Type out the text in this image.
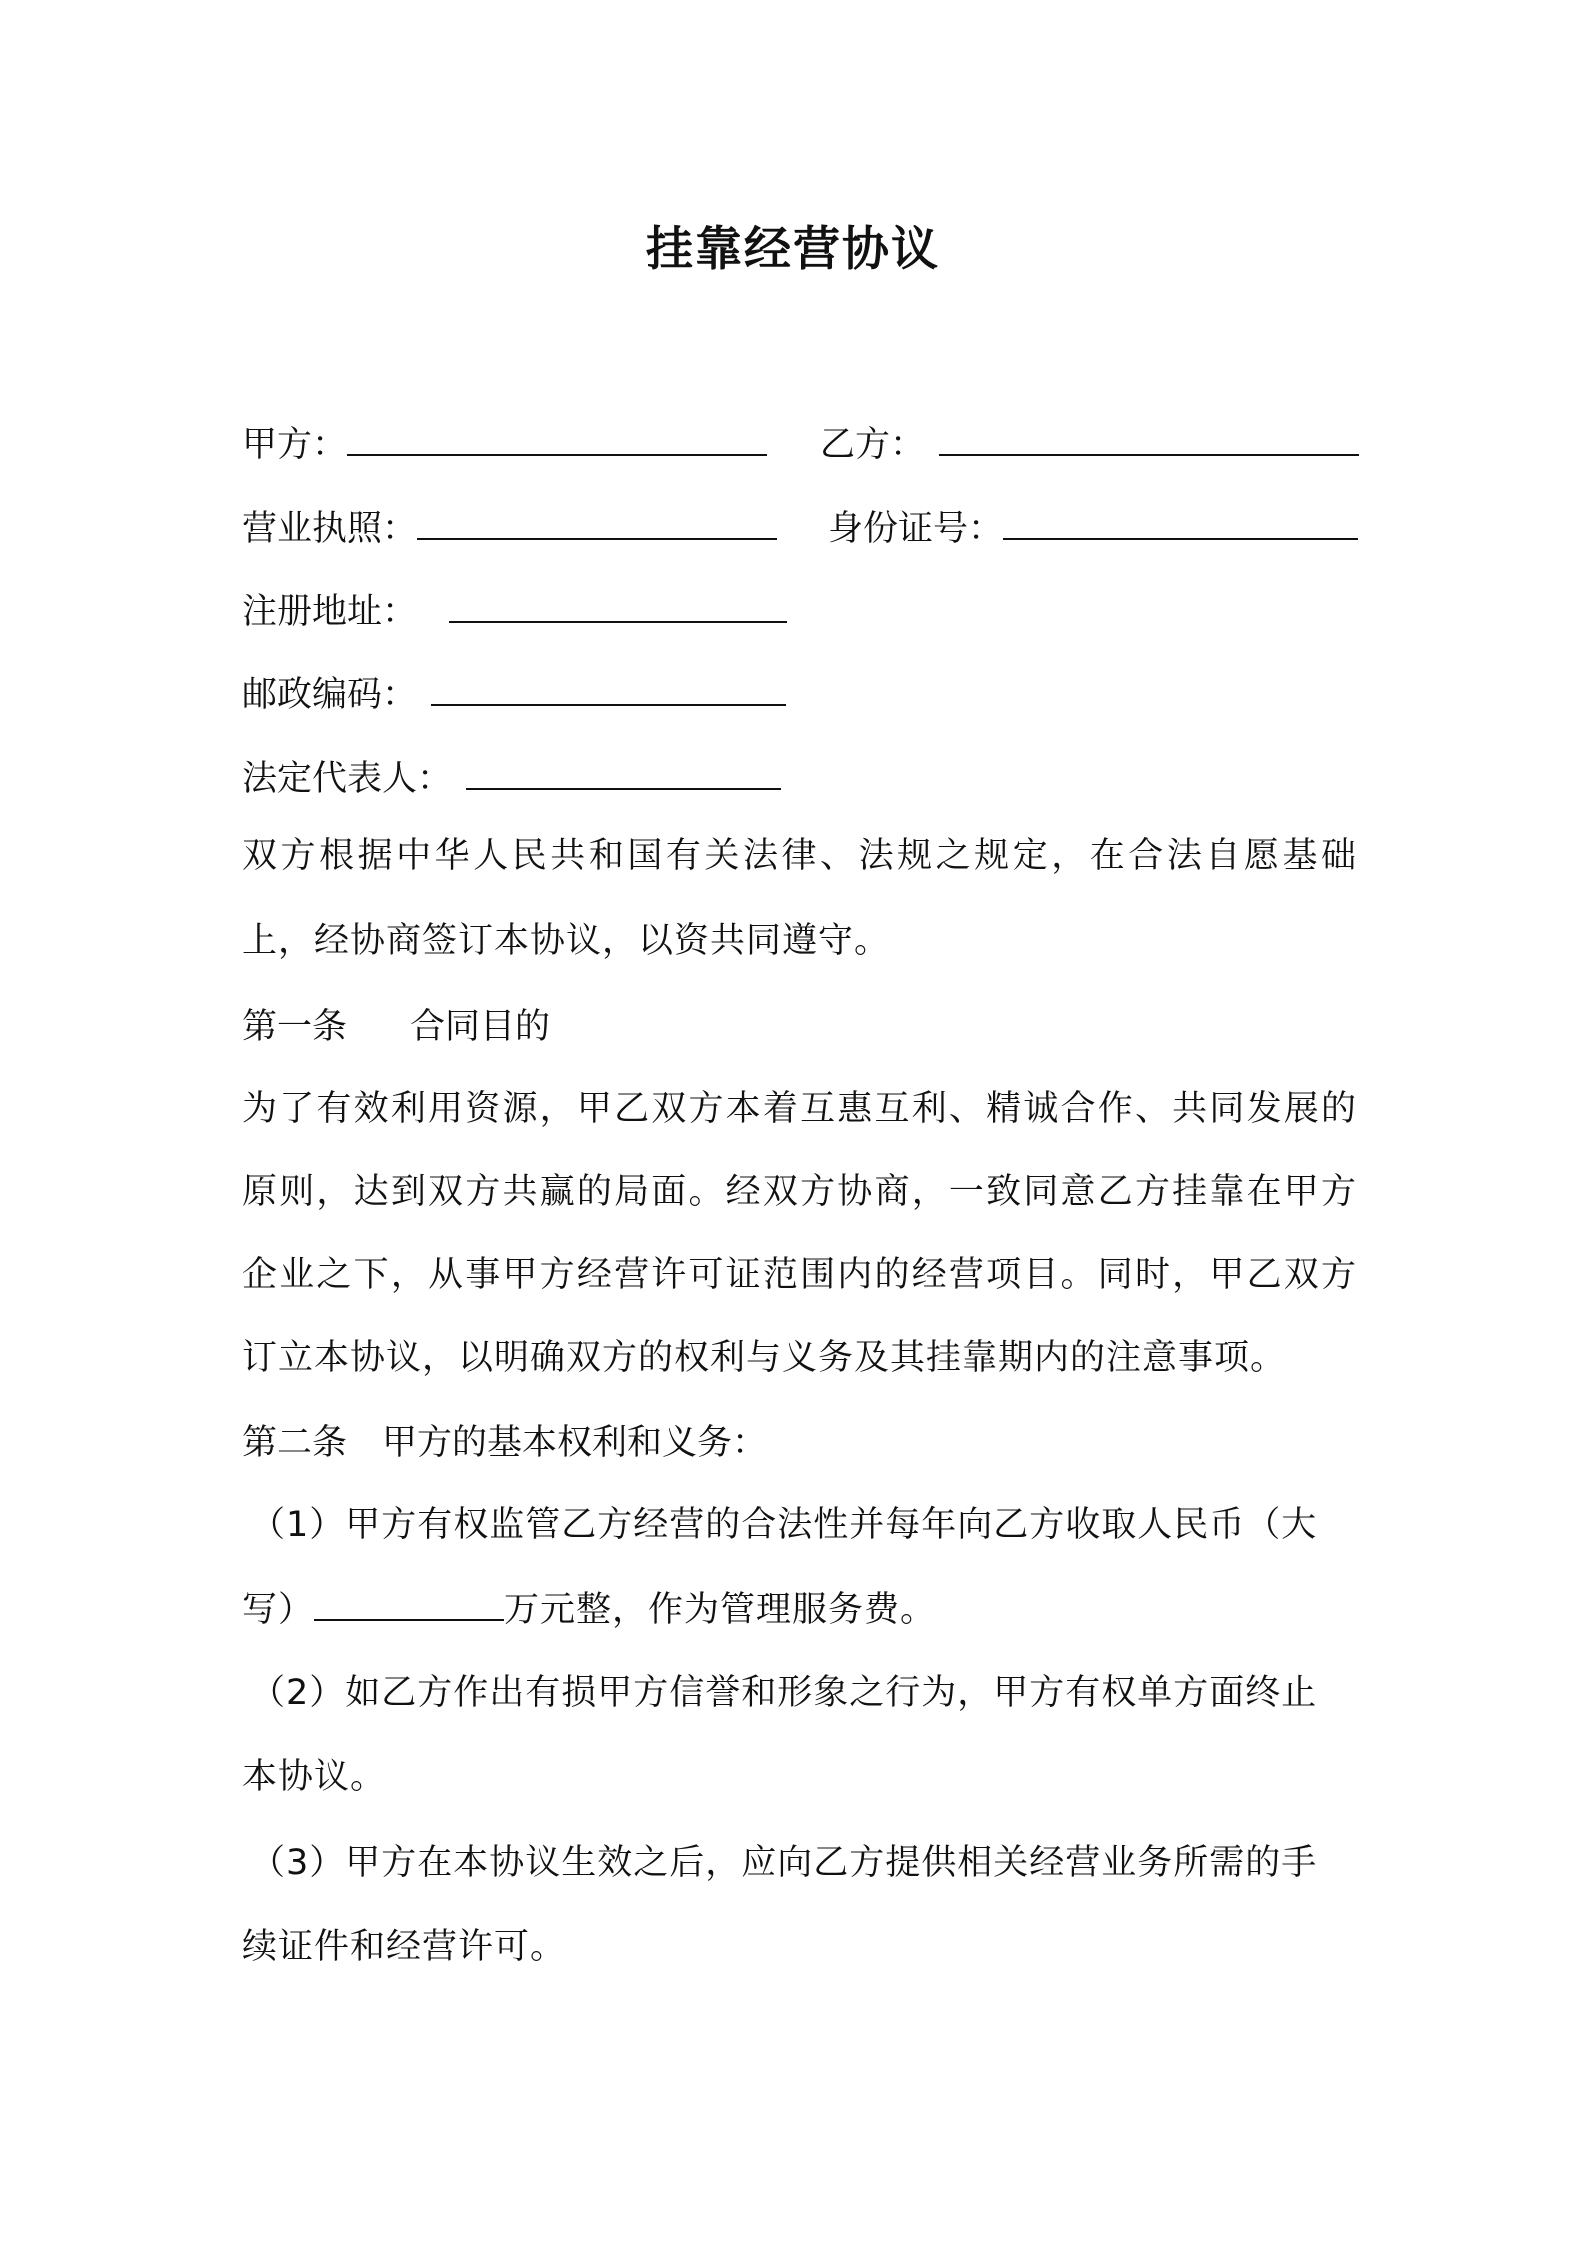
挂靠经营协议
甲方：	乙方：
营业执照：	身份证号：
注册地址：
邮政编码：
法定代表人：
双方根据中华人民共和国有关法律、法规之规定，在合法自愿基础上，经协商签订本协议，以资共同遵守。
第一条 合同目的
为了有效利用资源，甲乙双方本着互惠互利、精诚合作、共同发展的原则，达到双方共赢的局面。经双方协商，一致同意乙方挂靠在甲方企业之下，从事甲方经营许可证范围内的经营项目。同时，甲乙双方订立本协议，以明确双方的权利与义务及其挂靠期内的注意事项。
第二条 甲方的基本权利和义务：
（1）甲方有权监管乙方经营的合法性并每年向乙方收取人民币（大
写）	万元整，作为管理服务费。
（2）如乙方作出有损甲方信誉和形象之行为，甲方有权单方面终止
本协议。
（3）甲方在本协议生效之后，应向乙方提供相关经营业务所需的手
续证件和经营许可。
